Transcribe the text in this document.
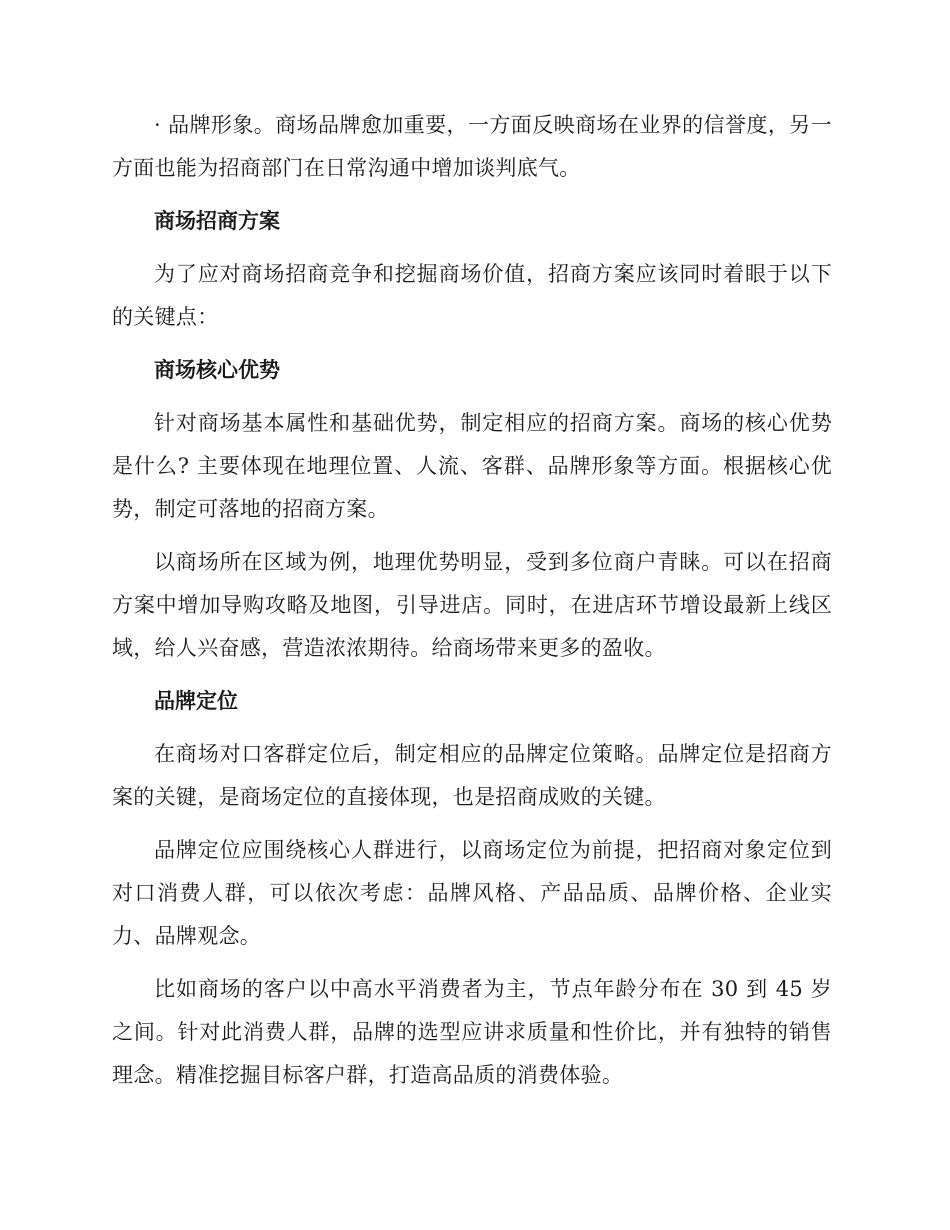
· 品牌形象。商场品牌愈加重要，一方面反映商场在业界的信誉度，另一方面也能为招商部门在日常沟通中增加谈判底气。

商场招商方案

为了应对商场招商竞争和挖掘商场价值，招商方案应该同时着眼于以下的关键点：

商场核心优势

针对商场基本属性和基础优势，制定相应的招商方案。商场的核心优势是什么? 主要体现在地理位置、人流、客群、品牌形象等方面。根据核心优势，制定可落地的招商方案。

以商场所在区域为例，地理优势明显，受到多位商户青睐。可以在招商方案中增加导购攻略及地图，引导进店。同时，在进店环节增设最新上线区域，给人兴奋感，营造浓浓期待。给商场带来更多的盈收。

品牌定位

在商场对口客群定位后，制定相应的品牌定位策略。品牌定位是招商方案的关键，是商场定位的直接体现，也是招商成败的关键。

品牌定位应围绕核心人群进行，以商场定位为前提，把招商对象定位到对口消费人群，可以依次考虑：品牌风格、产品品质、品牌价格、企业实力、品牌观念。

比如商场的客户以中高水平消费者为主，节点年龄分布在 30 到 45 岁之间。针对此消费人群，品牌的选型应讲求质量和性价比，并有独特的销售理念。精准挖掘目标客户群，打造高品质的消费体验。
